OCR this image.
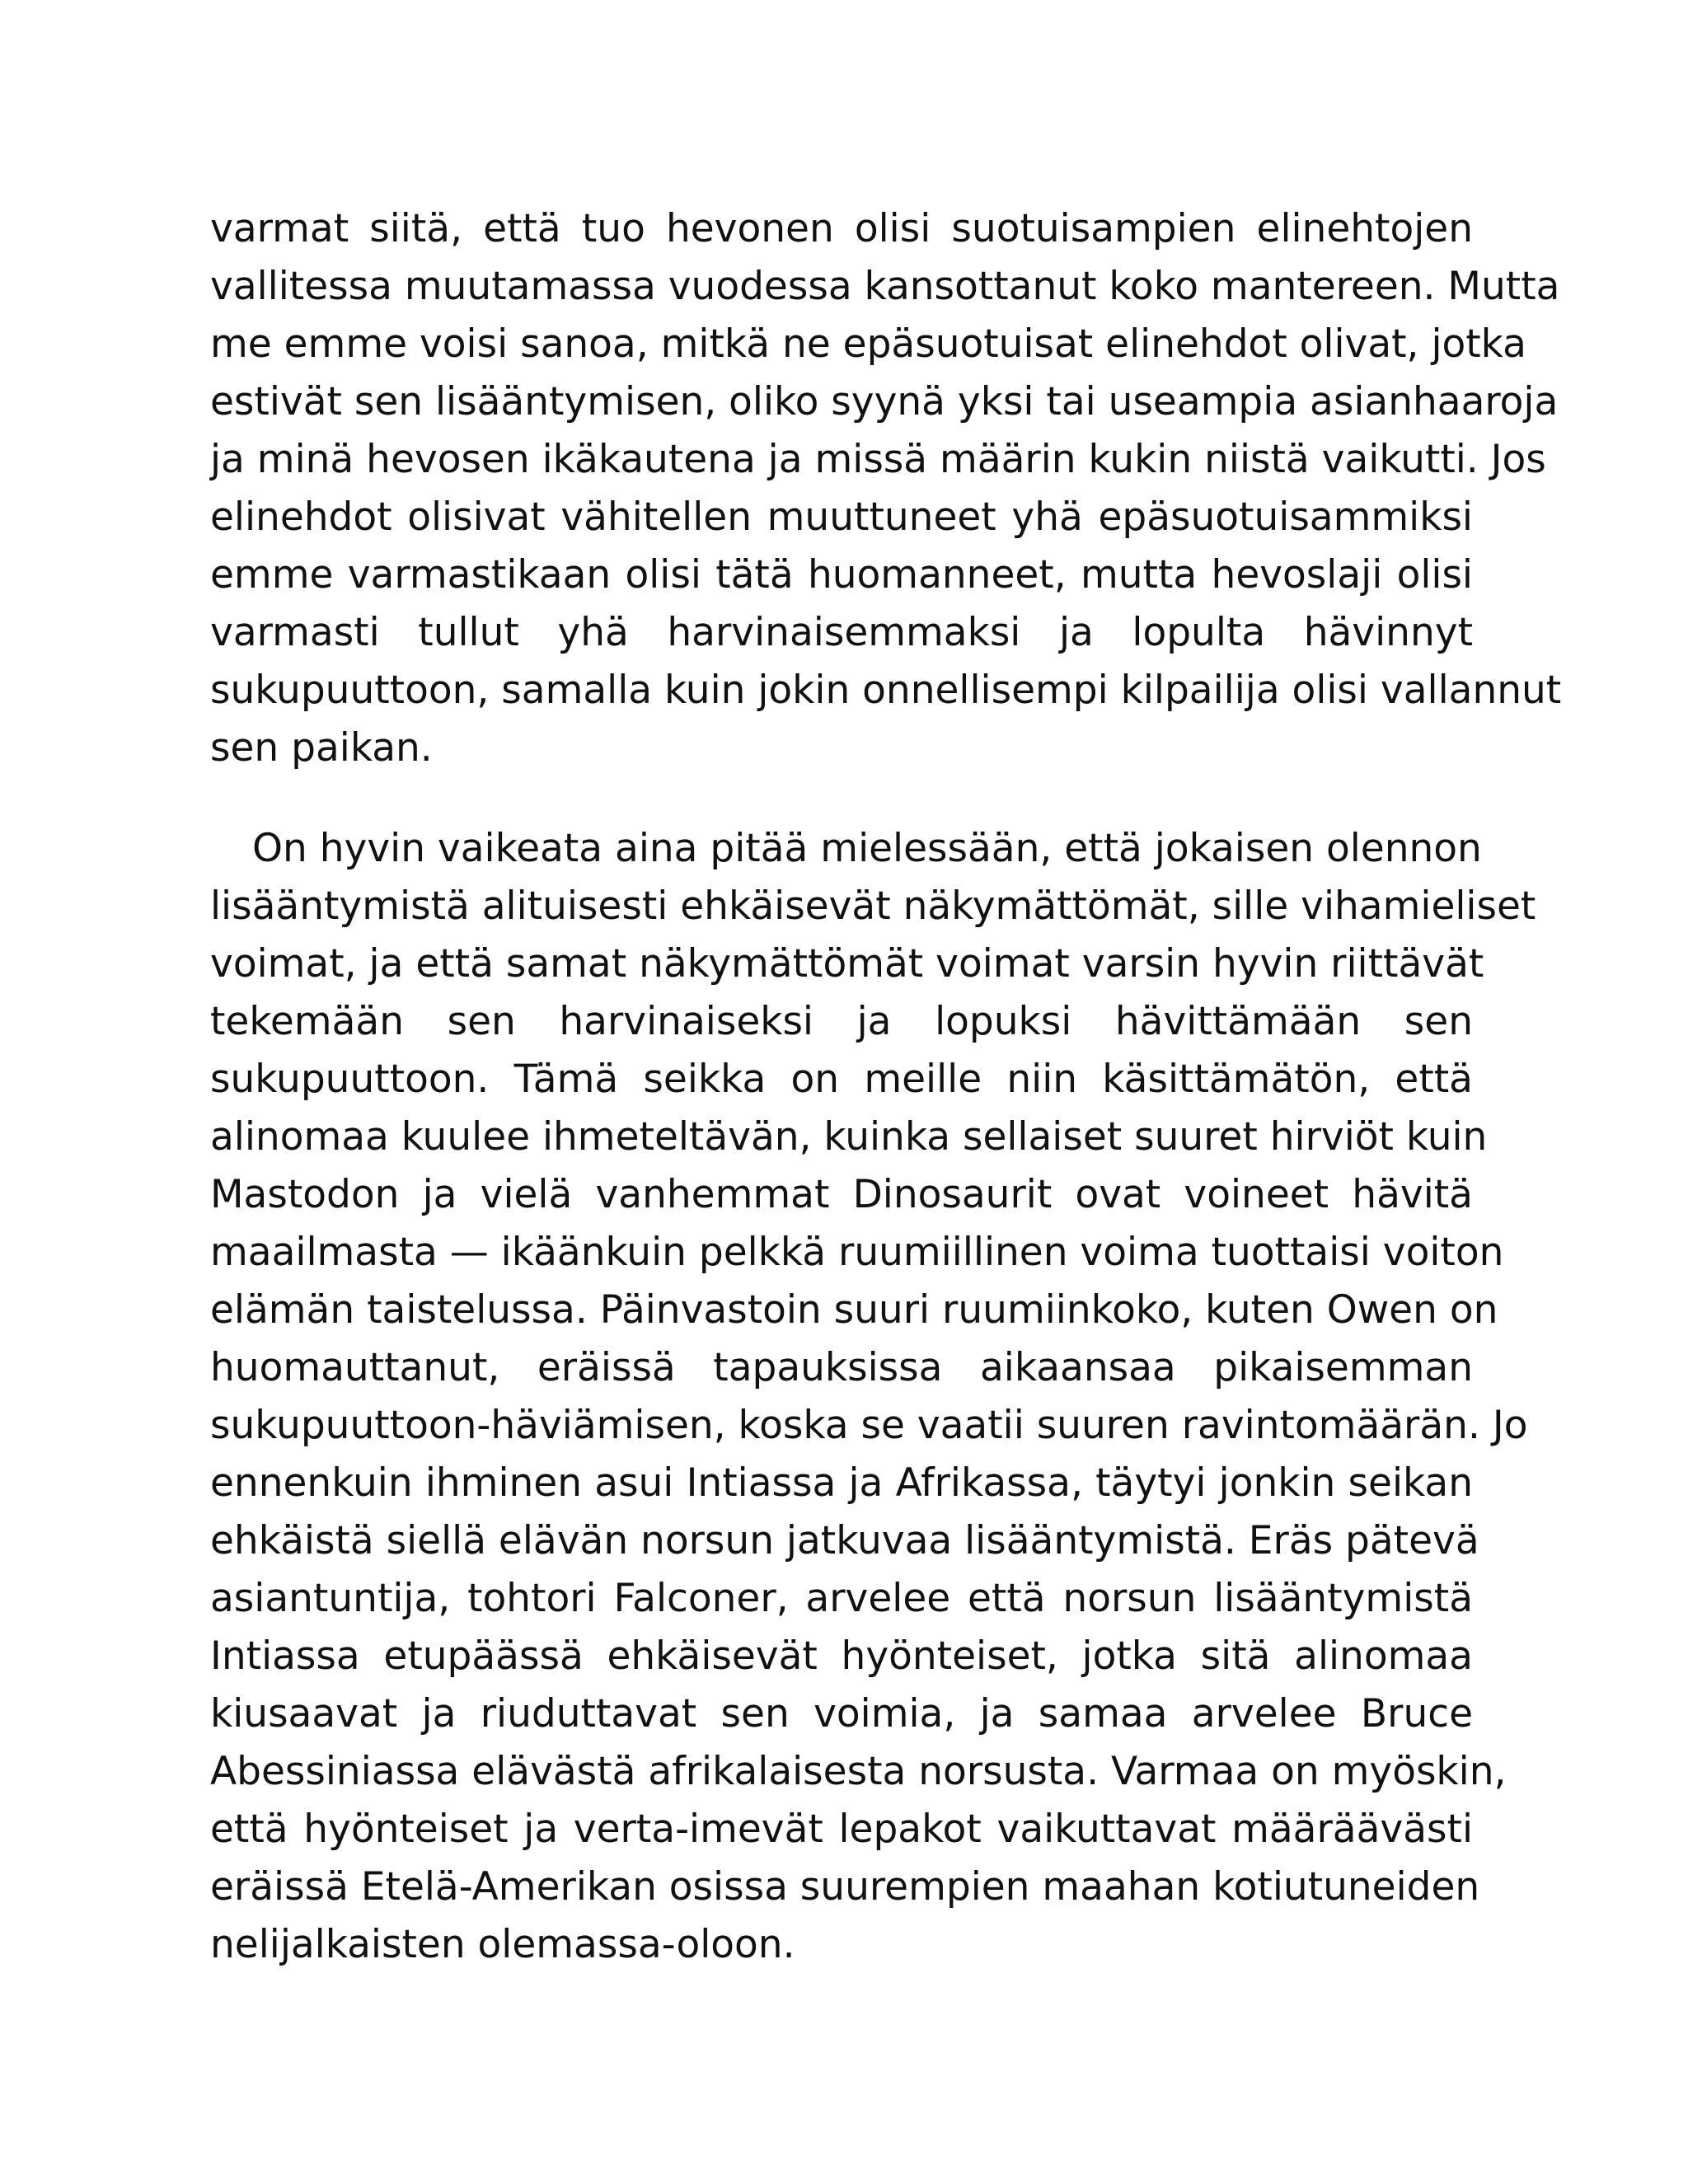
varmat siitä, että tuo hevonen olisi suotuisampien elinehtojen
vallitessa muutamassa vuodessa kansottanut koko mantereen. Mutta
me emme voisi sanoa, mitkä ne epäsuotuisat elinehdot olivat, jotka
estivät sen lisääntymisen, oliko syynä yksi tai useampia asianhaaroja
ja minä hevosen ikäkautena ja missä määrin kukin niistä vaikutti. Jos
elinehdot olisivat vähitellen muuttuneet yhä epäsuotuisammiksi
emme varmastikaan olisi tätä huomanneet, mutta hevoslaji olisi
varmasti tullut yhä harvinaisemmaksi ja lopulta hävinnyt
sukupuuttoon, samalla kuin jokin onnellisempi kilpailija olisi vallannut
sen paikan.
On hyvin vaikeata aina pitää mielessään, että jokaisen olennon
lisääntymistä alituisesti ehkäisevät näkymättömät, sille vihamieliset
voimat, ja että samat näkymättömät voimat varsin hyvin riittävät
tekemään sen harvinaiseksi ja lopuksi hävittämään sen
sukupuuttoon. Tämä seikka on meille niin käsittämätön, että
alinomaa kuulee ihmeteltävän, kuinka sellaiset suuret hirviöt kuin
Mastodon ja vielä vanhemmat Dinosaurit ovat voineet hävitä
maailmasta — ikäänkuin pelkkä ruumiillinen voima tuottaisi voiton
elämän taistelussa. Päinvastoin suuri ruumiinkoko, kuten Owen on
huomauttanut, eräissä tapauksissa aikaansaa pikaisemman
sukupuuttoon-häviämisen, koska se vaatii suuren ravintomäärän. Jo
ennenkuin ihminen asui Intiassa ja Afrikassa, täytyi jonkin seikan
ehkäistä siellä elävän norsun jatkuvaa lisääntymistä. Eräs pätevä
asiantuntija, tohtori Falconer, arvelee että norsun lisääntymistä
Intiassa etupäässä ehkäisevät hyönteiset, jotka sitä alinomaa
kiusaavat ja riuduttavat sen voimia, ja samaa arvelee Bruce
Abessiniassa elävästä afrikalaisesta norsusta. Varmaa on myöskin,
että hyönteiset ja verta-imevät lepakot vaikuttavat määräävästi
eräissä Etelä-Amerikan osissa suurempien maahan kotiutuneiden
nelijalkaisten olemassa-oloon.
